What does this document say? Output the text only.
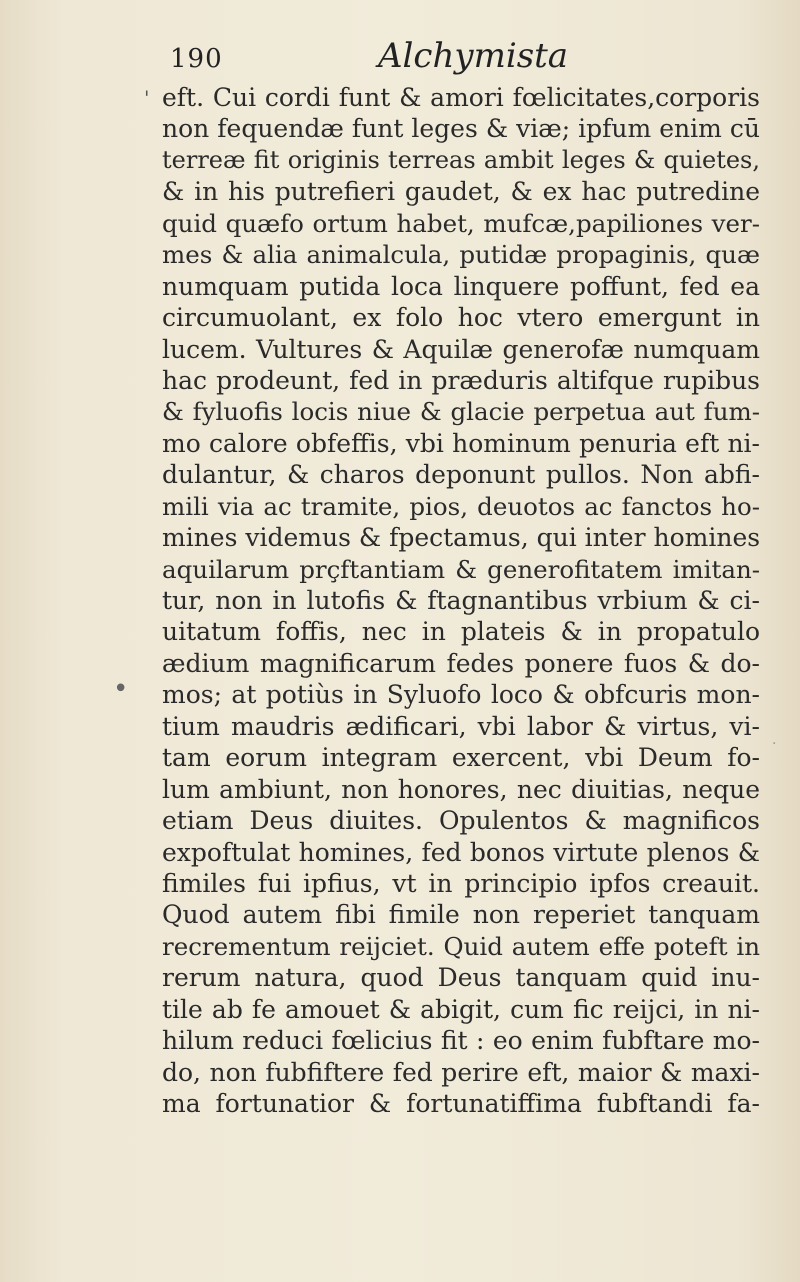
190	Alchymista
'
•
·
eft. Cui cordi funt & amori fœlicitates,corporis
non fequendæ funt leges & viæ; ipfum enim cū
terreæ fit originis terreas ambit leges & quietes,
& in his putrefieri gaudet, & ex hac putredine
quid quæfo ortum habet, mufcæ,papiliones ver-
mes & alia animalcula, putidæ propaginis, quæ
numquam putida loca linquere poffunt, fed ea
circumuolant, ex folo hoc vtero emergunt in
lucem. Vultures & Aquilæ generofæ numquam
hac prodeunt, fed in præduris altifque rupibus
& fyluofis locis niue & glacie perpetua aut fum-
mo calore obfeffis, vbi hominum penuria eft ni-
dulantur, & charos deponunt pullos. Non abfi-
mili via ac tramite, pios, deuotos ac fanctos ho-
mines videmus & fpectamus, qui inter homines
aquilarum prçftantiam & generofitatem imitan-
tur, non in lutofis & ftagnantibus vrbium & ci-
uitatum foffis, nec in plateis & in propatulo
ædium magnificarum fedes ponere fuos & do-
mos; at potiùs in Syluofo loco & obfcuris mon-
tium maudris ædificari, vbi labor & virtus, vi-
tam eorum integram exercent, vbi Deum fo-
lum ambiunt, non honores, nec diuitias, neque
etiam Deus diuites. Opulentos & magnificos
expoftulat homines, fed bonos virtute plenos &
fimiles fui ipfius, vt in principio ipfos creauit.
Quod autem fibi fimile non reperiet tanquam
recrementum reijciet. Quid autem effe poteft in
rerum natura, quod Deus tanquam quid inu-
tile ab fe amouet & abigit, cum fic reijci, in ni-
hilum reduci fœlicius fit : eo enim fubftare mo-
do, non fubfiftere fed perire eft, maior & maxi-
ma fortunatior & fortunatiffima fubftandi fa-
